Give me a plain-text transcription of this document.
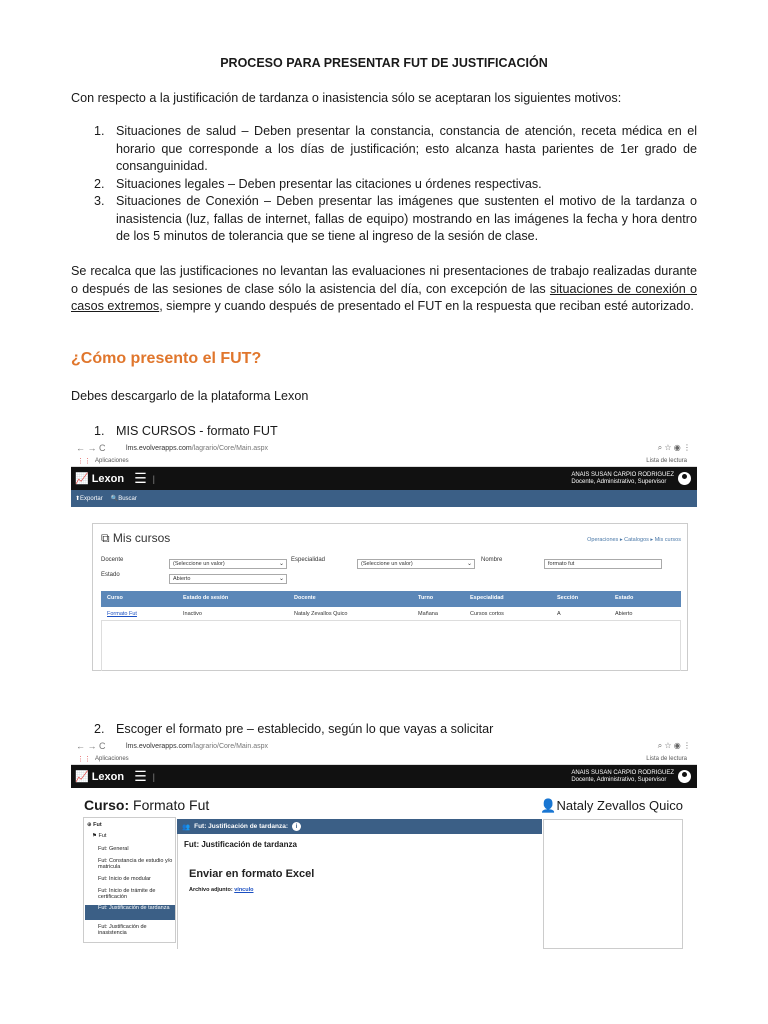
PROCESO PARA PRESENTAR FUT DE JUSTIFICACIÓN
Con respecto a la justificación de tardanza o inasistencia sólo se aceptaran los siguientes motivos:
1. Situaciones de salud – Deben presentar la constancia, constancia de atención, receta médica en el horario que corresponde a los días de justificación; esto alcanza hasta parientes de 1er grado de consanguinidad.
2. Situaciones legales – Deben presentar las citaciones u órdenes respectivas.
3. Situaciones de Conexión – Deben presentar las imágenes que sustenten el motivo de la tardanza o inasistencia (luz, fallas de internet, fallas de equipo) mostrando en las imágenes la fecha y hora dentro de los 5 minutos de tolerancia que se tiene al ingreso de la sesión de clase.
Se recalca que las justificaciones no levantan las evaluaciones ni presentaciones de trabajo realizadas durante o después de las sesiones de clase sólo la asistencia del día, con excepción de las situaciones de conexión o casos extremos, siempre y cuando después de presentado el FUT en la respuesta que reciban esté autorizado.
¿Cómo presento el FUT?
Debes descargarlo de la plataforma Lexon
1. MIS CURSOS - formato FUT
← → C	lms.evolverapps.com/lagrario/Core/Main.aspx	⌕ ☆ ◉ ⋮
⋮⋮ Aplicaciones	Lista de lectura
📈 Lexon ☰ |	ANAIS SUSAN CARPIO RODRIGUEZ
Docente, Administrativo, Supervisor
⬆Exportar 🔍Buscar
⧉ Mis cursos	Operaciones ▸ Catalogos ▸ Mis cursos
Docente
(Seleccione un valor)	⌄
Especialidad
(Seleccione un valor)	⌄
Nombre
formato fut
Estado
Abierto	⌄
Curso	Estado de sesión	Docente	Turno	Especialidad	Sección	Estado
Formato Fut	Inactivo	Nataly Zevallos Quico	Mañana	Cursos cortos	A	Abierto
2. Escoger el formato pre – establecido, según lo que vayas a solicitar
← → C	lms.evolverapps.com/lagrario/Core/Main.aspx	⌕ ☆ ◉ ⋮
⋮⋮ Aplicaciones	Lista de lectura
📈 Lexon ☰ |	ANAIS SUSAN CARPIO RODRIGUEZ
Docente, Administrativo, Supervisor
Curso: Formato Fut	👤Nataly Zevallos Quico
⊕ Fut
⚑ Fut
Fut: General
Fut: Constancia de estudio y/o matricula
Fut: Inicio de modular
Fut: Inicio de trámite de certificación
Fut: Justificación de tardanza
Fut: Justificación de inasistencia
👥 Fut: Justificación de tardanza:	i
Fut: Justificación de tardanza
Enviar en formato Excel
Archivo adjunto: vínculo
